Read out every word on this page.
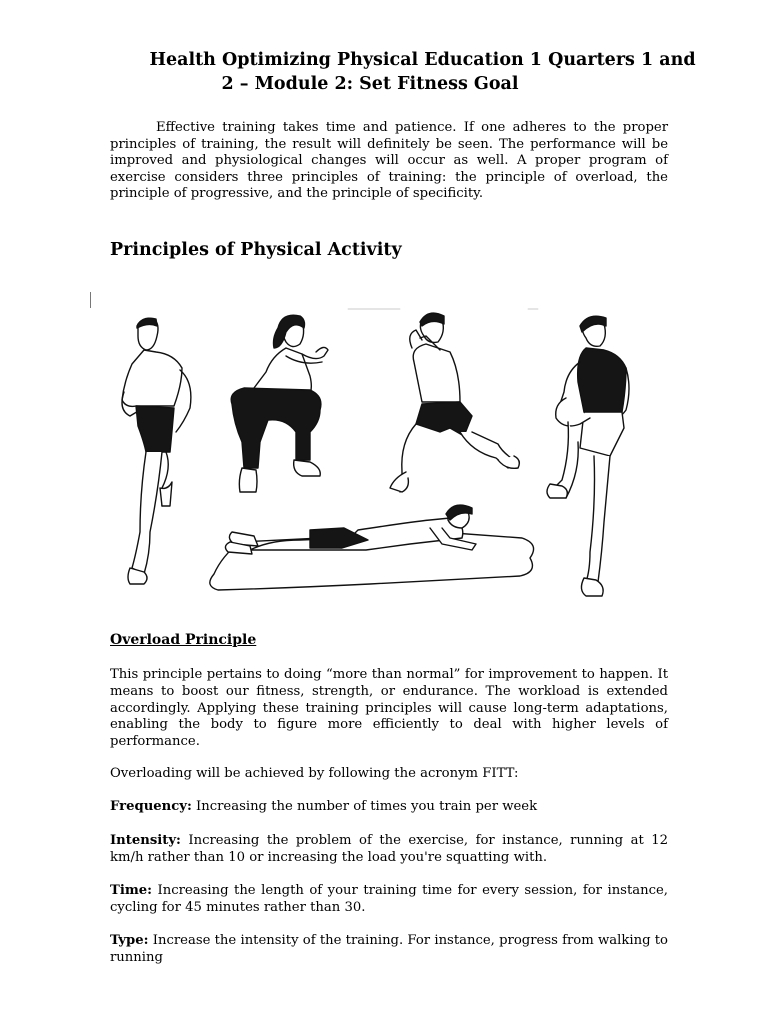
Health Optimizing Physical Education 1 Quarters 1 and
2 – Module 2: Set Fitness Goal
Effective training takes time and patience. If one adheres to the proper principles of training, the result will definitely be seen. The performance will be improved and physiological changes will occur as well. A proper program of exercise considers three principles of training: the principle of overload, the principle of progressive, and the principle of specificity.
Principles of Physical Activity
Overload Principle
This principle pertains to doing “more than normal” for improvement to happen. It means to boost our fitness, strength, or endurance. The workload is extended accordingly. Applying these training principles will cause long-term adaptations, enabling the body to figure more efficiently to deal with higher levels of performance.
Overloading will be achieved by following the acronym FITT:
Frequency: Increasing the number of times you train per week
Intensity: Increasing the problem of the exercise, for instance, running at 12 km/h rather than 10 or increasing the load you're squatting with.
Time: Increasing the length of your training time for every session, for instance, cycling for 45 minutes rather than 30.
Type: Increase the intensity of the training. For instance, progress from walking to running
